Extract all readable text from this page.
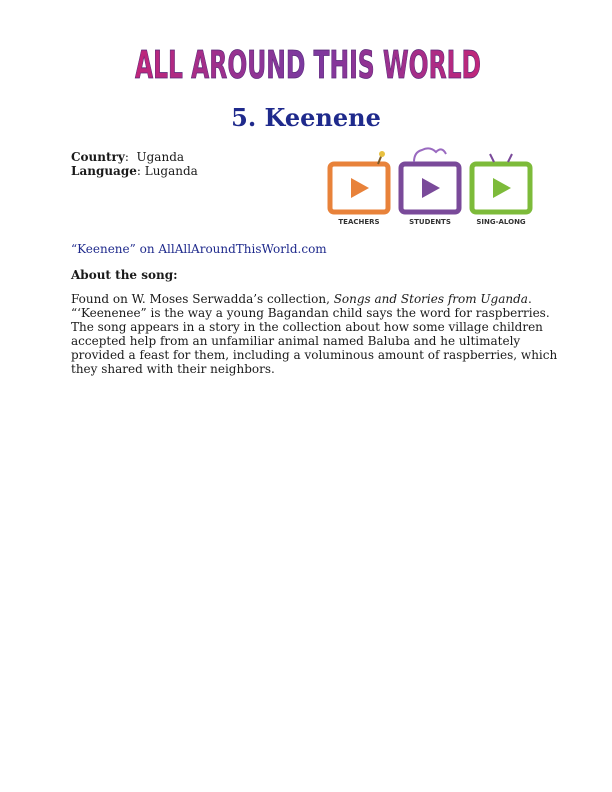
ALL AROUND THIS WORLD
5. Keenene
Country:  Uganda
Language: Luganda
TEACHERS	STUDENTS	SING-ALONG
“Keenene” on AllAllAroundThisWorld.com
About the song:

Found on W. Moses Serwadda’s collection, Songs and Stories from Uganda. “‘Keenenee” is the way a young Bagandan child says the word for raspberries. The song appears in a story in the collection about how some village children accepted help from an unfamiliar animal named Baluba and he ultimately provided a feast for them, including a voluminous amount of raspberries, which they shared with their neighbors.
